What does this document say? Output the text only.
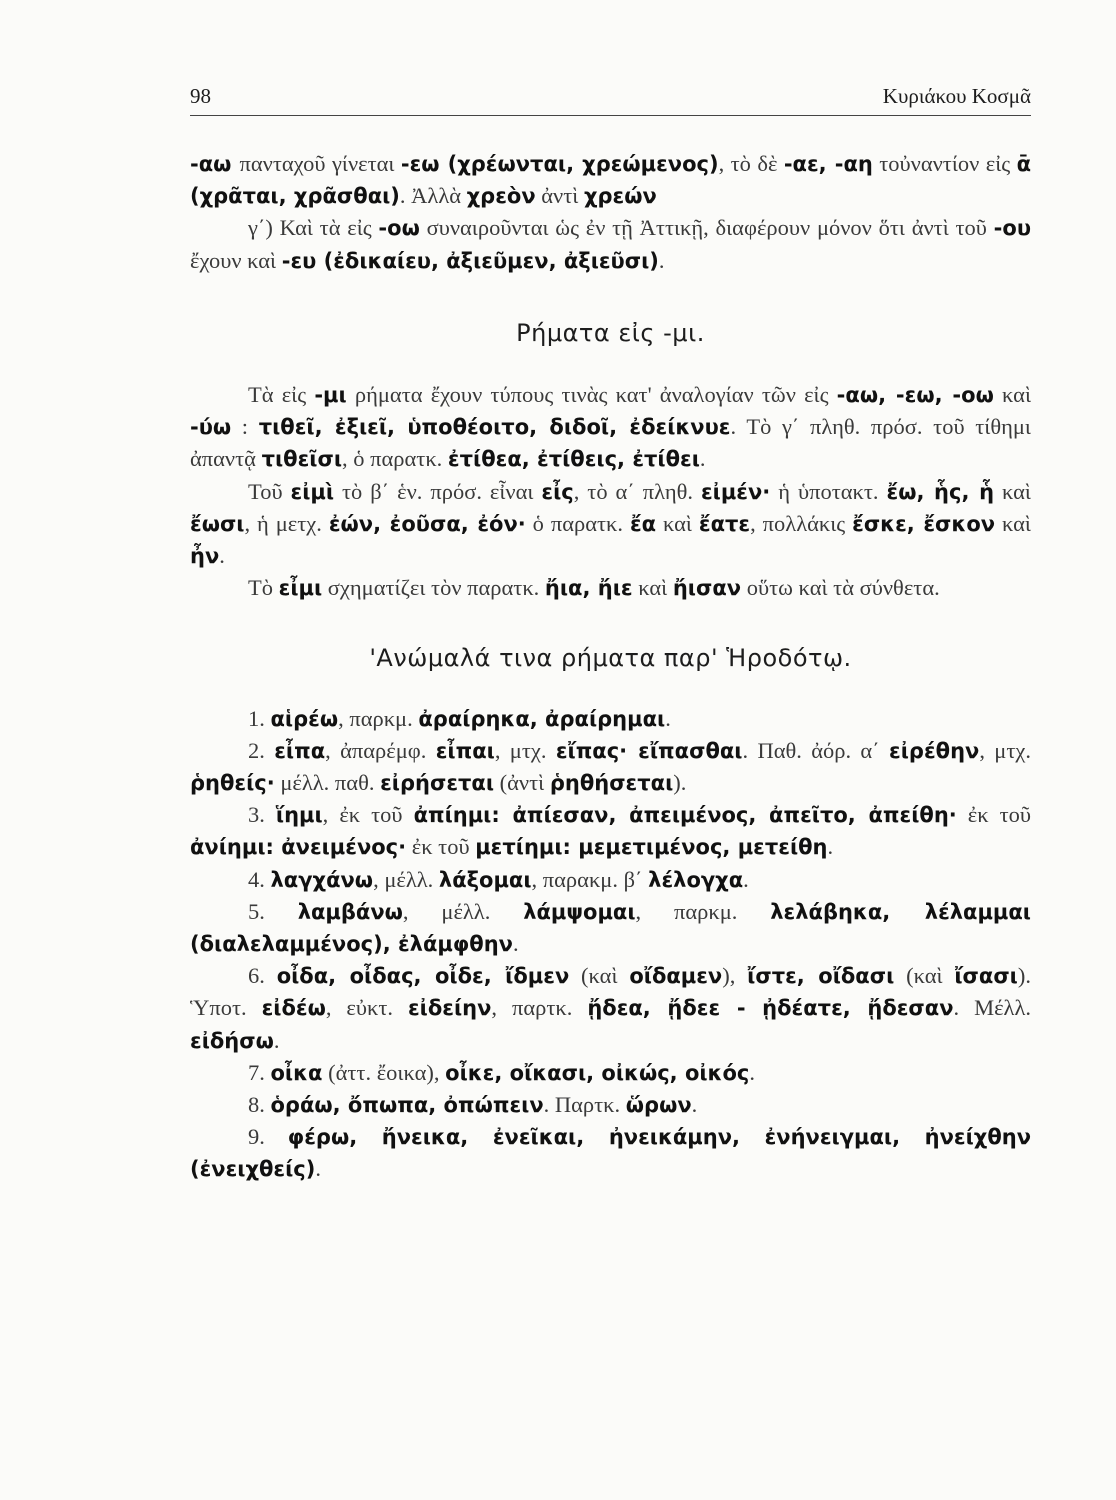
98	Κυριάκου Κοσμᾶ

-αω πανταχοῦ γίνεται -εω (χρέωνται, χρεώμενος), τὸ δὲ -αε, -αη τοὐναντίον εἰς ᾱ (χρᾶται, χρᾶσθαι). Ἀλλὰ χρεὸν ἀντὶ χρεών

γ΄) Καὶ τὰ εἰς -οω συναιροῦνται ὡς ἐν τῇ Ἀττικῇ, διαφέρουν μόνον ὅτι ἀντὶ τοῦ -ου ἔχουν καὶ -ευ (ἐδικαίευ, ἀξιεῦμεν, ἀξιεῦσι).

Ρήματα εἰς -μι.

Τὰ εἰς -μι ρήματα ἔχουν τύπους τινὰς κατ' ἀναλογίαν τῶν εἰς -αω, -εω, -οω καὶ -ύω : τιθεῖ, ἐξιεῖ, ὑποθέοιτο, διδοῖ, ἐδείκνυε. Τὸ γ΄ πληθ. πρόσ. τοῦ τίθημι ἀπαντᾷ τιθεῖσι, ὁ παρατκ. ἐτίθεα, ἐτίθεις, ἐτίθει.

Τοῦ εἰμὶ τὸ β΄ ἑν. πρόσ. εἶναι εἶς, τὸ α΄ πληθ. εἰμέν· ἡ ὑποτακτ. ἔω, ἧς, ἧ καὶ ἔωσι, ἡ μετχ. ἐών, ἐοῦσα, ἐόν· ὁ παρατκ. ἔα καὶ ἔατε, πολλάκις ἔσκε, ἔσκον καὶ ἦν.

Τὸ εἶμι σχηματίζει τὸν παρατκ. ἤια, ἤιε καὶ ἤισαν οὕτω καὶ τὰ σύνθετα.

'Ανώμαλά τινα ρήματα παρ' Ἡροδότῳ.

1. αἱρέω, παρκμ. ἀραίρηκα, ἀραίρημαι.

2. εἶπα, ἀπαρέμφ. εἶπαι, μτχ. εἴπας· εἴπασθαι. Παθ. ἀόρ. α΄ εἰρέθην, μτχ. ῥηθείς· μέλλ. παθ. εἰρήσεται (ἀντὶ ῥηθήσεται).

3. ἵημι, ἐκ τοῦ ἀπίημι: ἀπίεσαν, ἀπειμένος, ἀπεῖτο, ἀπείθη· ἐκ τοῦ ἀνίημι: ἀνειμένος· ἐκ τοῦ μετίημι: μεμετιμένος, μετείθη.

4. λαγχάνω, μέλλ. λάξομαι, παρακμ. β΄ λέλογχα.

5. λαμβάνω, μέλλ. λάμψομαι, παρκμ. λελάβηκα, λέλαμμαι (διαλελαμμένος), ἐλάμφθην.

6. οἶδα, οἶδας, οἶδε, ἴδμεν (καὶ οἴδαμεν), ἴστε, οἴδασι (καὶ ἴσασι). Ὑποτ. εἰδέω, εὐκτ. εἰδείην, παρτκ. ᾔδεα, ᾔδεε - ᾐδέατε, ᾔδεσαν. Μέλλ. εἰδήσω.

7. οἶκα (ἀττ. ἔοικα), οἶκε, οἴκασι, οἰκώς, οἰκός.

8. ὁράω, ὄπωπα, ὀπώπειν. Παρτκ. ὥρων.

9. φέρω, ἤνεικα, ἐνεῖκαι, ἠνεικάμην, ἐνήνειγμαι, ἠνείχθην (ἐνειχθείς).
